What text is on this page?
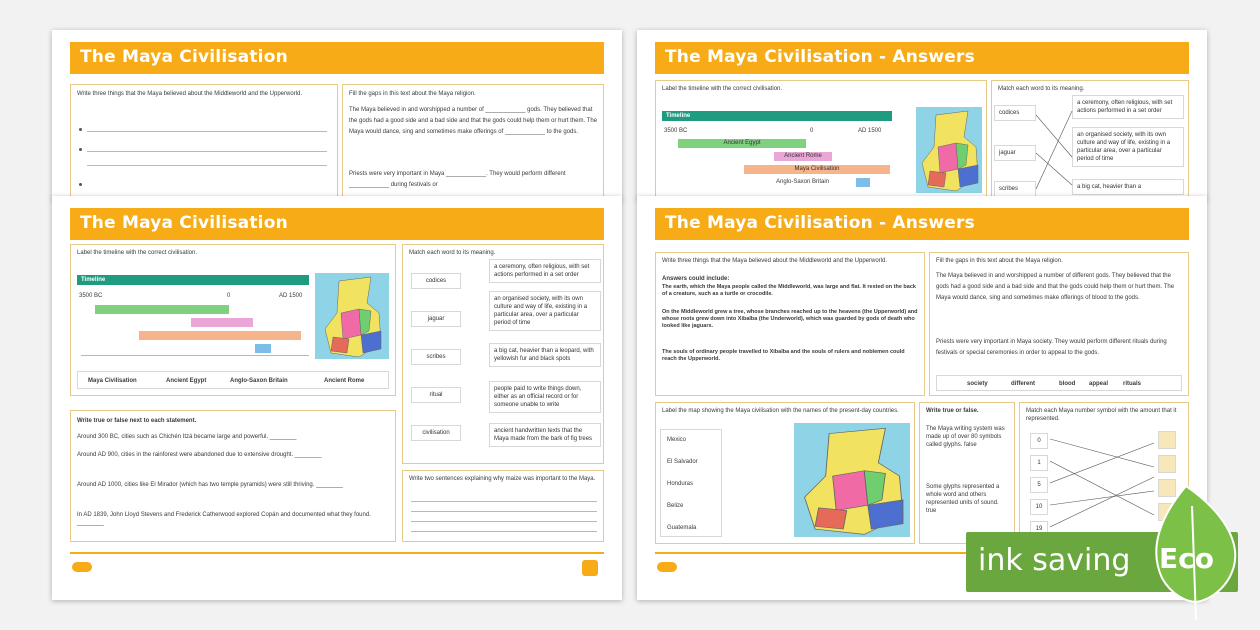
The Maya Civilisation
Write three things that the Maya believed about the Middleworld and the Upperworld.	Fill the gaps in this text about the Maya religion.
The Maya believed in and worshipped a number of ____________ gods. They believed that the gods had a good side and a bad side and that the gods could help them or hurt them. The Maya would dance, sing and sometimes make offerings of ____________ to the gods.
Priests were very important in Maya ____________. They would perform different ____________ during festivals or
The Maya Civilisation - Answers
Label the timeline with the correct civilisation.
Timeline
3500 BC	0	AD 1500
Ancient Egypt
Ancient Rome
Maya Civilisation
Anglo-Saxon Britain
Match each word to its meaning.
codices
jaguar
scribes
a ceremony, often religious, with set actions performed in a set order
an organised society, with its own culture and way of life, existing in a particular area, over a particular period of time
a big cat, heavier than a
The Maya Civilisation
Label the timeline with the correct civilisation.
Timeline
3500 BC	0	AD 1500
Maya Civilisation	Ancient Egypt	Anglo-Saxon Britain	Ancient Rome
Match each word to its meaning.
codices
jaguar
scribes
ritual
civilisation
a ceremony, often religious, with set actions performed in a set order
an organised society, with its own culture and way of life, existing in a particular area, over a particular period of time
a big cat, heavier than a leopard, with yellowish fur and black spots
people paid to write things down, either as an official record or for someone unable to write
ancient handwritten texts that the Maya made from the bark of fig trees
Write true or false next to each statement.
Around 300 BC, cities such as Chichén Itzá became large and powerful. ________
Around AD 900, cities in the rainforest were abandoned due to extensive drought. ________
Around AD 1000, cities like El Mirador (which has two temple pyramids) were still thriving. ________
In AD 1839, John Lloyd Stevens and Frederick Catherwood explored Copán and documented what they found. ________
Write two sentences explaining why maize was important to the Maya.
The Maya Civilisation - Answers
Write three things that the Maya believed about the Middleworld and the Upperworld.
Answers could include:
The earth, which the Maya people called the Middleworld, was large and flat. It rested on the back of a creature, such as a turtle or crocodile.
On the Middleworld grew a tree, whose branches reached up to the heavens (the Upperworld) and whose roots grew down into Xibalba (the Underworld), which was guarded by gods of death who looked like jaguars.
The souls of ordinary people travelled to Xibalba and the souls of rulers and noblemen could reach the Upperworld.
Fill the gaps in this text about the Maya religion.
The Maya believed in and worshipped a number of different gods. They believed that the gods had a good side and a bad side and that the gods could help them or hurt them. The Maya would dance, sing and sometimes make offerings of blood to the gods.
Priests were very important in Maya society. They would perform different rituals during festivals or special ceremonies in order to appeal to the gods.
society	different	blood appeal rituals
Label the map showing the Maya civilisation with the names of the present-day countries.
Mexico
El Salvador
Honduras
Belize
Guatemala
Write true or false.
The Maya writing system was made up of over 80 symbols called glyphs. false
Some glyphs represented a whole word and others represented units of sound. true
Match each Maya number symbol with the amount that it represented.
0
1
5
10
19
ink saving Eco
